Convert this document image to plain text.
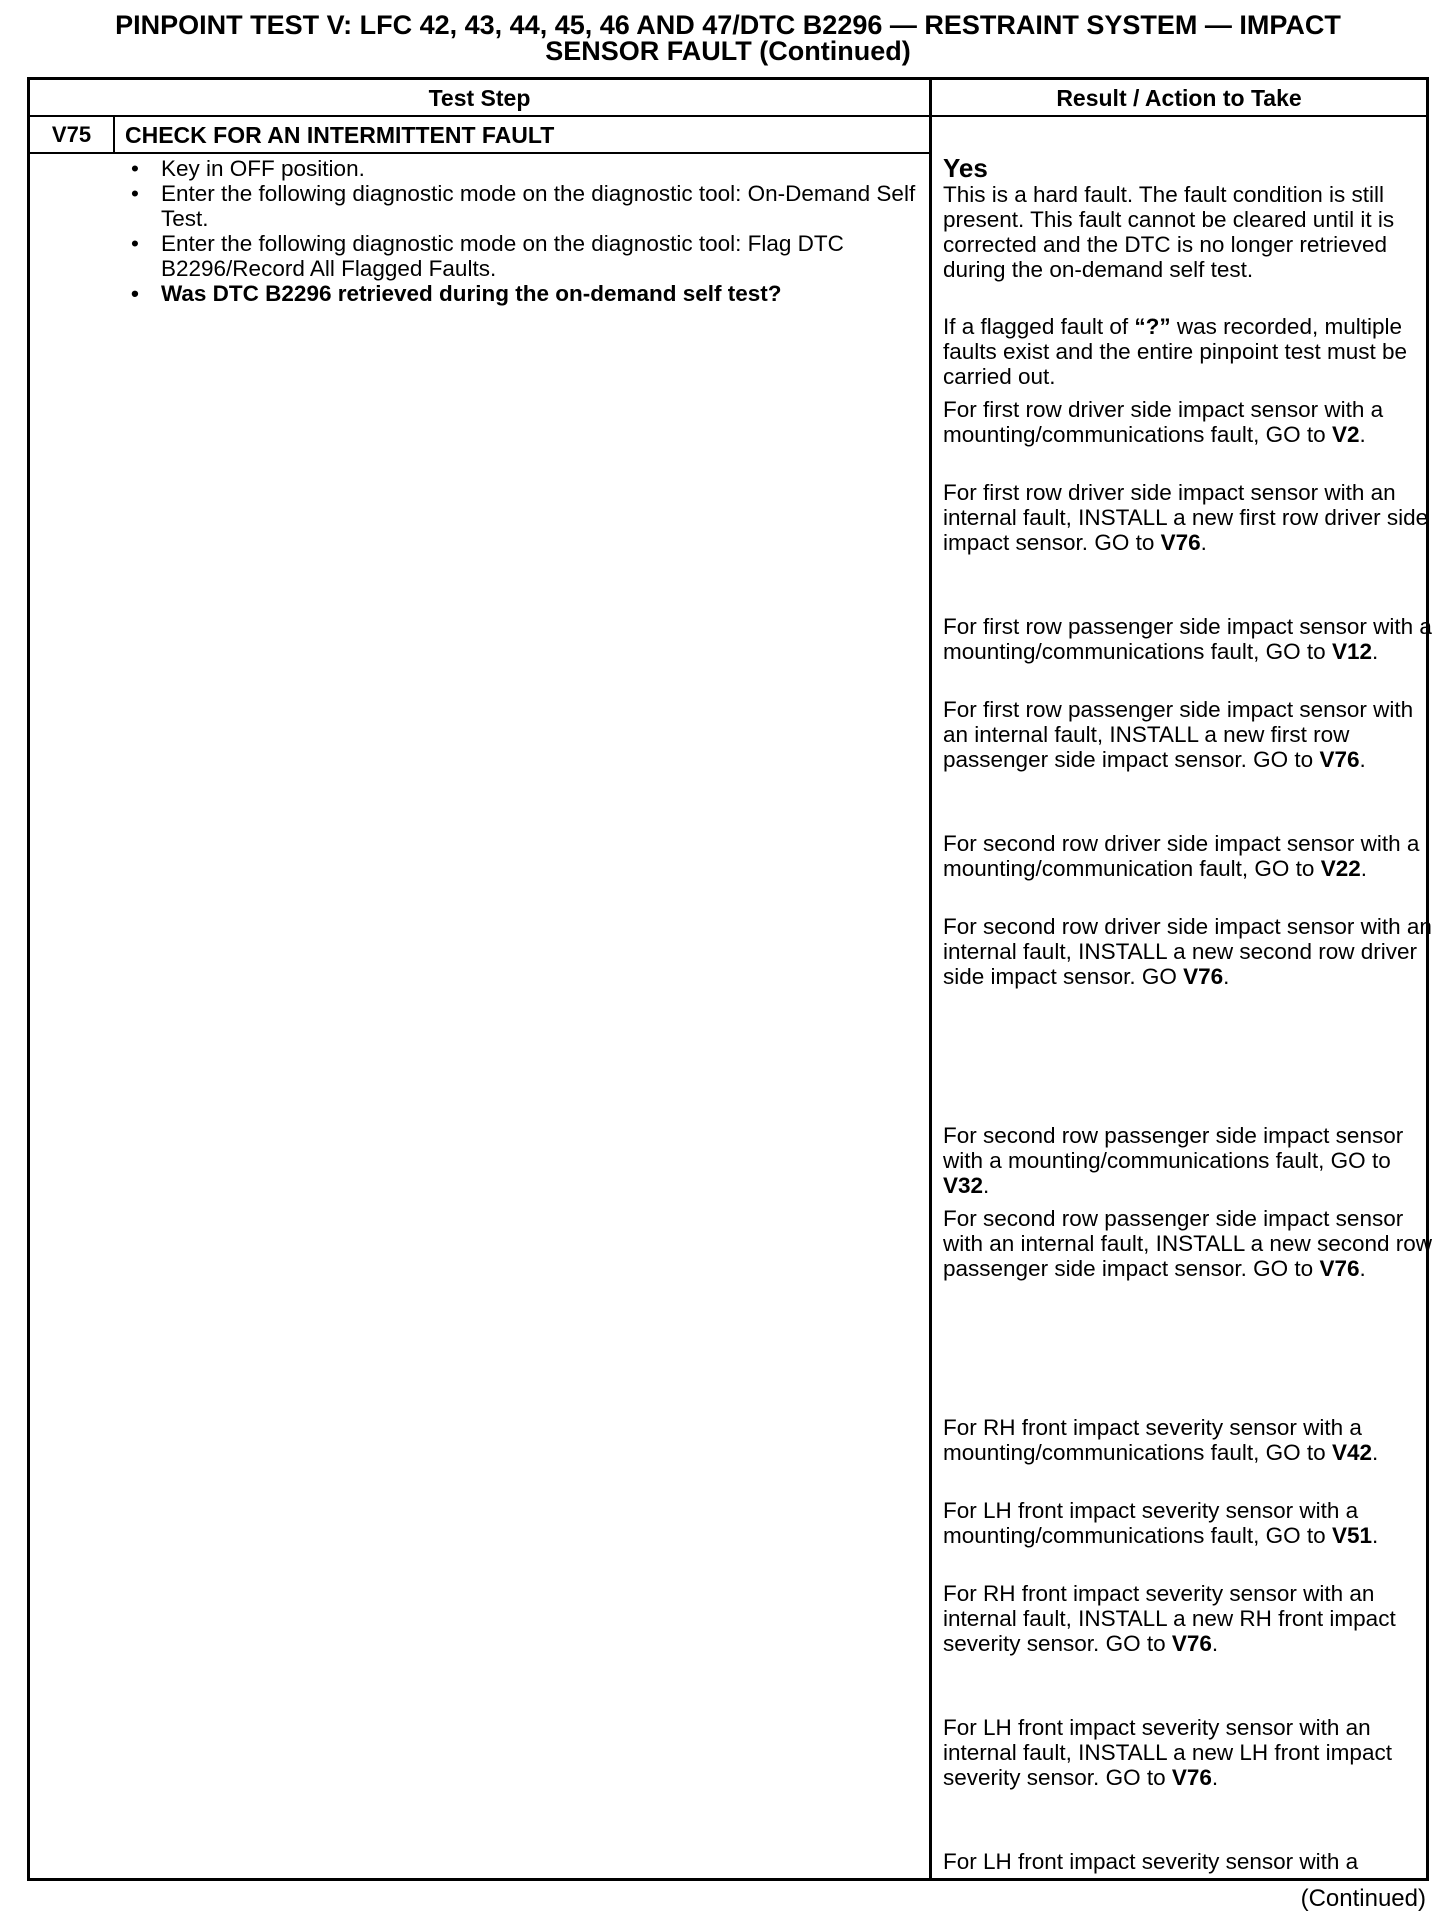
PINPOINT TEST V: LFC 42, 43, 44, 45, 46 AND 47/DTC B2296 — RESTRAINT SYSTEM — IMPACT
SENSOR FAULT (Continued)
Test Step	Result / Action to Take
V75	CHECK FOR AN INTERMITTENT FAULT
• Key in OFF position.
• Enter the following diagnostic mode on the diagnostic tool: On-Demand Self Test.
• Enter the following diagnostic mode on the diagnostic tool: Flag DTC B2296/Record All Flagged Faults.
• Was DTC B2296 retrieved during the on-demand self test?
Yes
This is a hard fault. The fault condition is still present. This fault cannot be cleared until it is corrected and the DTC is no longer retrieved during the on-demand self test.
If a flagged fault of “?” was recorded, multiple faults exist and the entire pinpoint test must be carried out.
For first row driver side impact sensor with a mounting/communications fault, GO to V2.
For first row driver side impact sensor with an internal fault, INSTALL a new first row driver side impact sensor. GO to V76.
For first row passenger side impact sensor with a mounting/communications fault, GO to V12.
For first row passenger side impact sensor with an internal fault, INSTALL a new first row passenger side impact sensor. GO to V76.
For second row driver side impact sensor with a mounting/communication fault, GO to V22.
For second row driver side impact sensor with an internal fault, INSTALL a new second row driver side impact sensor. GO V76.
For second row passenger side impact sensor with a mounting/communications fault, GO to V32.
For second row passenger side impact sensor with an internal fault, INSTALL a new second row passenger side impact sensor. GO to V76.
For RH front impact severity sensor with a mounting/communications fault, GO to V42.
For LH front impact severity sensor with a mounting/communications fault, GO to V51.
For RH front impact severity sensor with an internal fault, INSTALL a new RH front impact severity sensor. GO to V76.
For LH front impact severity sensor with an internal fault, INSTALL a new LH front impact severity sensor. GO to V76.
For LH front impact severity sensor with a
(Continued)
